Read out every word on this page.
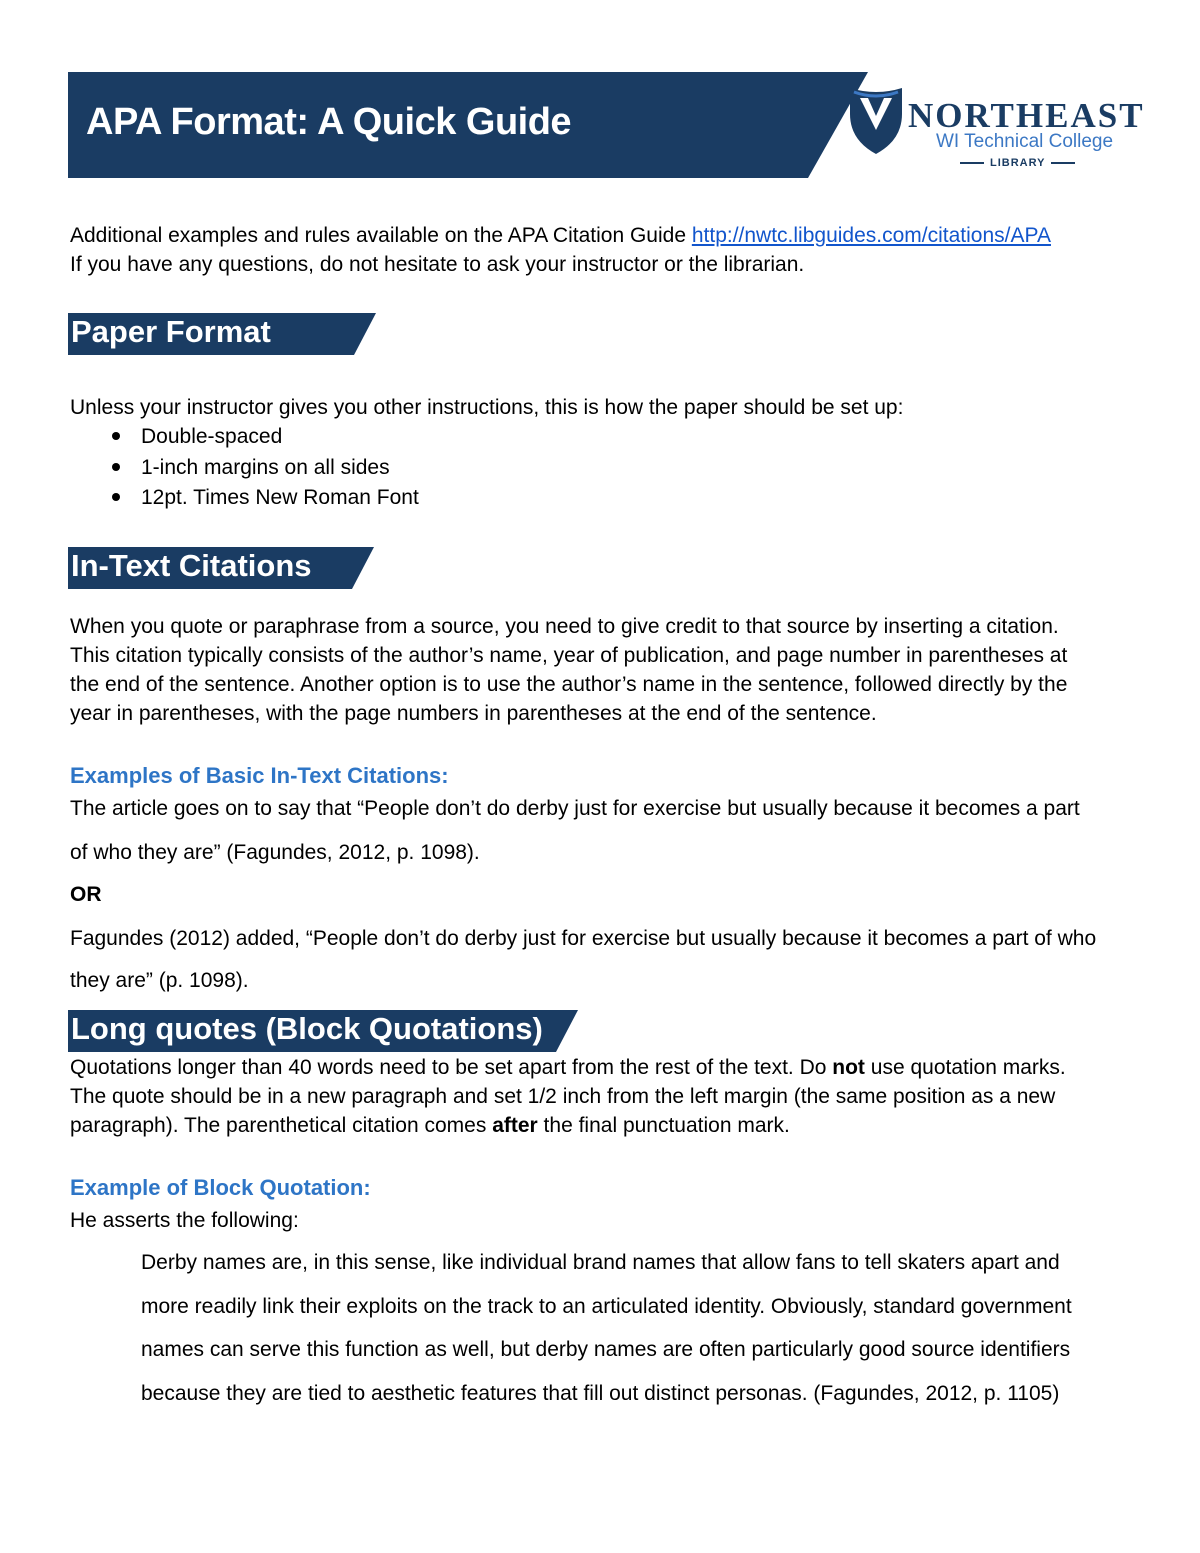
APA Format: A Quick Guide	NORTHEAST
WI Technical College
LIBRARY
Additional examples and rules available on the APA Citation Guide http://nwtc.libguides.com/citations/APA
If you have any questions, do not hesitate to ask your instructor or the librarian.
Paper Format
Unless your instructor gives you other instructions, this is how the paper should be set up:
Double-spaced
1-inch margins on all sides
12pt. Times New Roman Font
In-Text Citations
When you quote or paraphrase from a source, you need to give credit to that source by inserting a citation.
This citation typically consists of the author’s name, year of publication, and page number in parentheses at
the end of the sentence. Another option is to use the author’s name in the sentence, followed directly by the
year in parentheses, with the page numbers in parentheses at the end of the sentence.
Examples of Basic In-Text Citations:
The article goes on to say that “People don’t do derby just for exercise but usually because it becomes a part
of who they are” (Fagundes, 2012, p. 1098).
OR
Fagundes (2012) added, “People don’t do derby just for exercise but usually because it becomes a part of who
they are” (p. 1098).
Long quotes (Block Quotations)
Quotations longer than 40 words need to be set apart from the rest of the text. Do not use quotation marks.
The quote should be in a new paragraph and set 1/2 inch from the left margin (the same position as a new
paragraph). The parenthetical citation comes after the final punctuation mark.
Example of Block Quotation:
He asserts the following:
Derby names are, in this sense, like individual brand names that allow fans to tell skaters apart and
more readily link their exploits on the track to an articulated identity. Obviously, standard government
names can serve this function as well, but derby names are often particularly good source identifiers
because they are tied to aesthetic features that fill out distinct personas. (Fagundes, 2012, p. 1105)
